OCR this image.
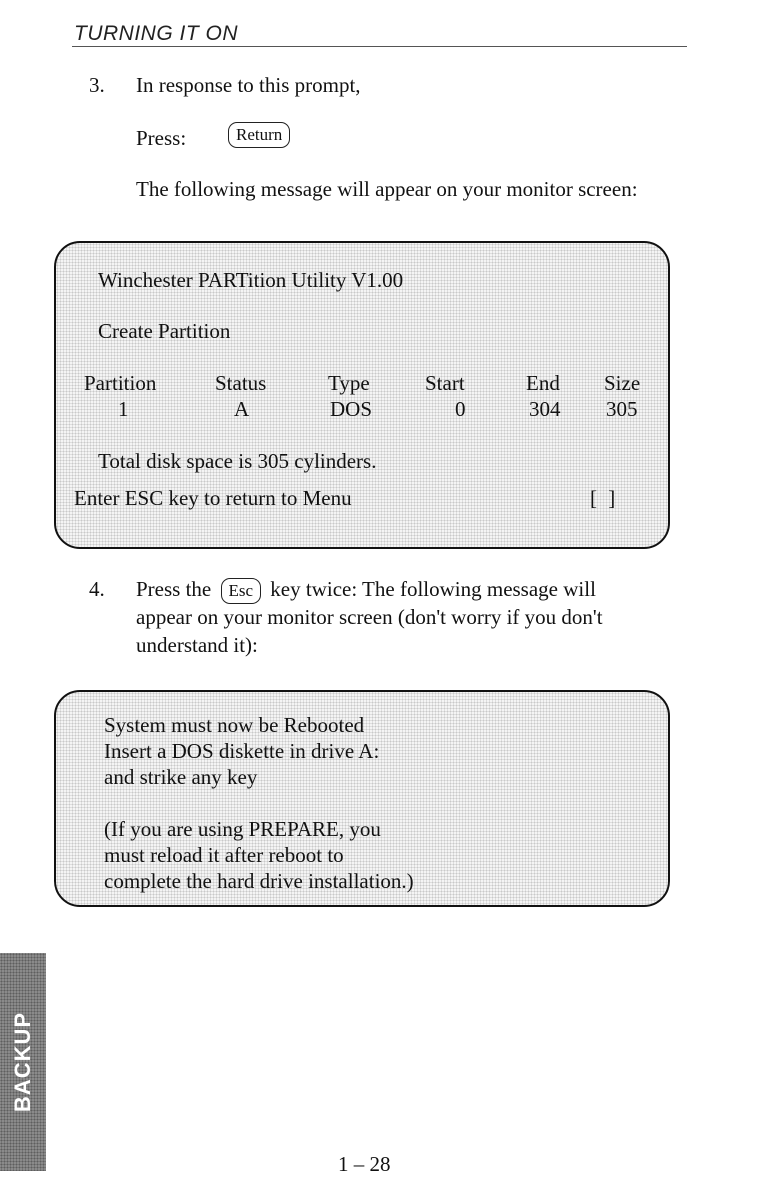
TURNING IT ON
3. In response to this prompt,
Press:	Return
The following message will appear on your monitor screen:
Winchester PARTition Utility V1.00
Create Partition
Partition	Status	Type	Start	End Size
1	A	DOS	0	304 305
Total disk space is 305 cylinders.
Enter ESC key to return to Menu	[ ]
4. Press the Esc key twice: The following message will
appear on your monitor screen (don't worry if you don't
understand it):
System must now be Rebooted
Insert a DOS diskette in drive A:
and strike any key
(If you are using PREPARE, you
must reload it after reboot to
complete the hard drive installation.)
BACKUP
1 – 28
